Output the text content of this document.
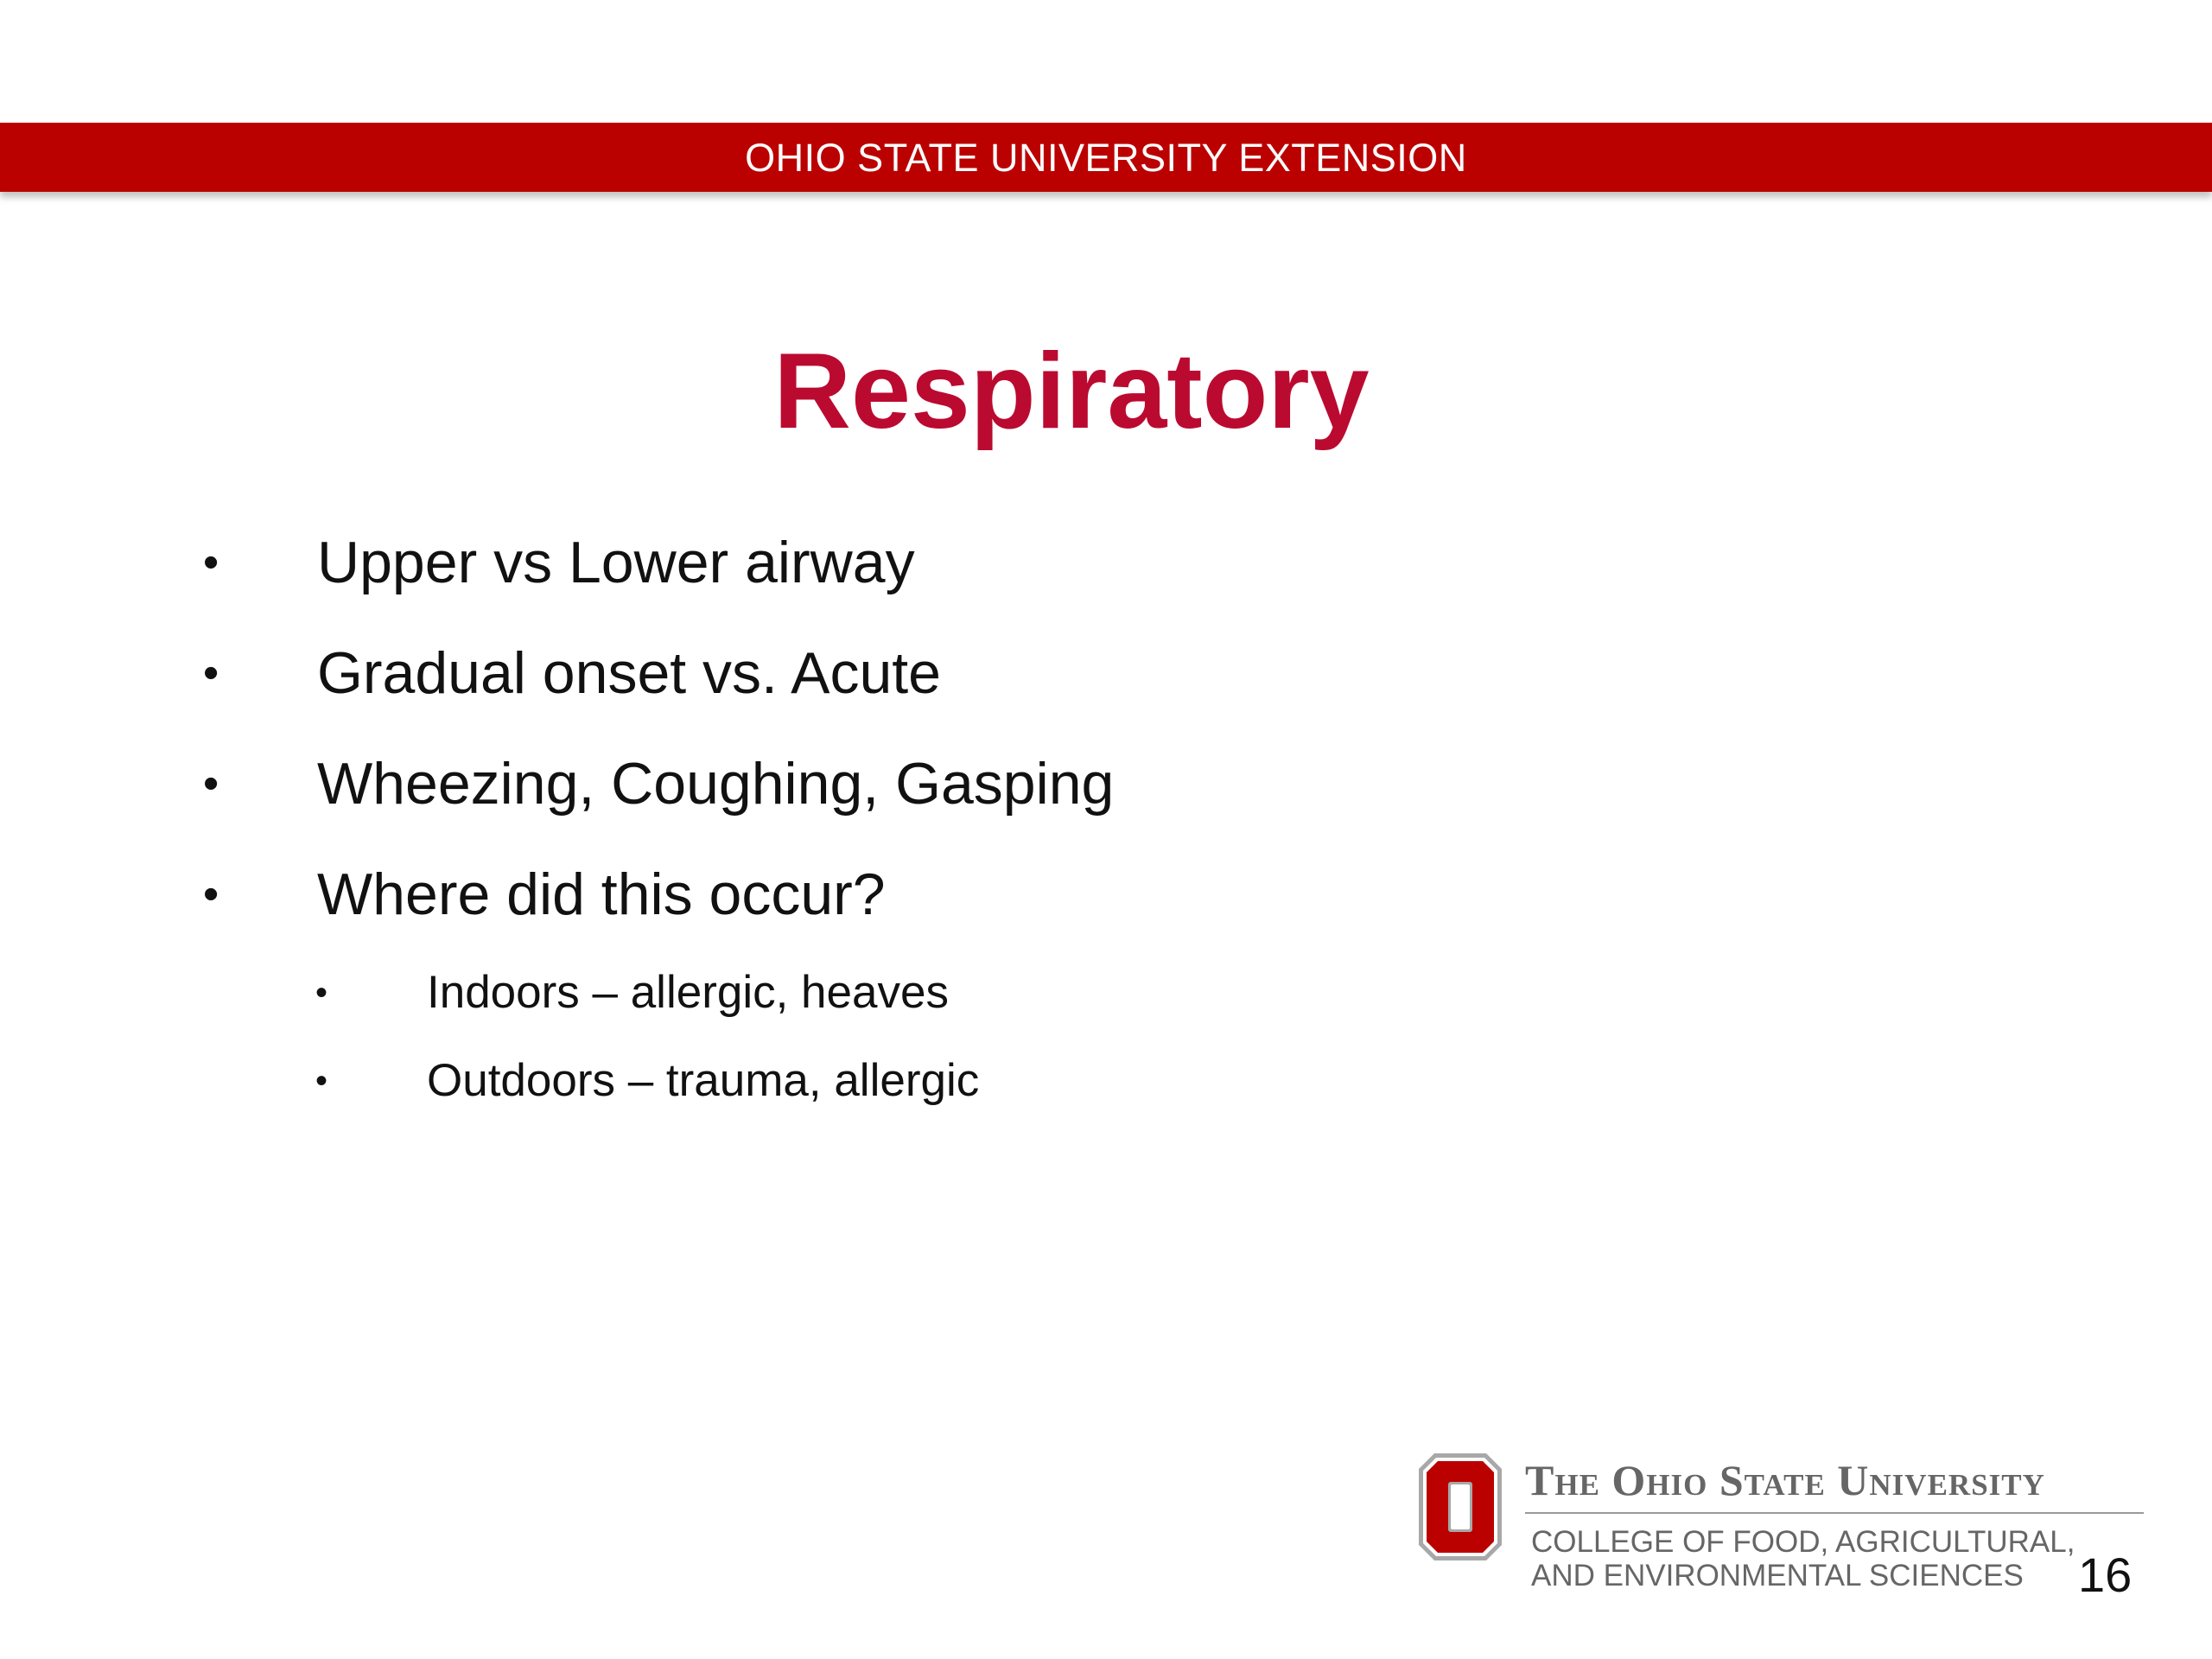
OHIO STATE UNIVERSITY EXTENSION
Respiratory
• Upper vs Lower airway
• Gradual onset vs. Acute
• Wheezing, Coughing, Gasping
• Where did this occur?
• Indoors – allergic, heaves
• Outdoors – trauma, allergic
The Ohio State University
COLLEGE OF FOOD, AGRICULTURAL,
AND ENVIRONMENTAL SCIENCES 16
